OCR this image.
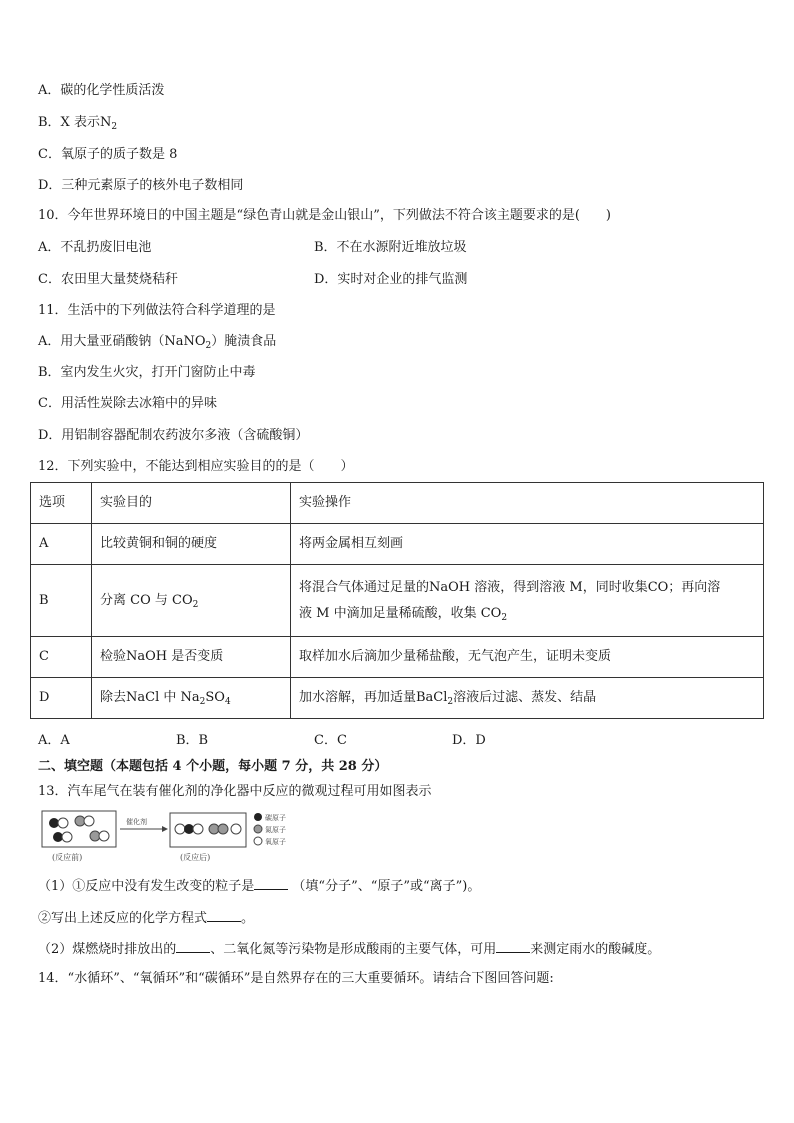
A．碳的化学性质活泼
B．X 表示$N_2$
C．氧原子的质子数是 8
D．三种元素原子的核外电子数相同
10．今年世界环境日的中国主题是“绿色青山就是金山银山”，下列做法不符合该主题要求的是(　　)
A．不乱扔废旧电池	B．不在水源附近堆放垃圾
C．农田里大量焚烧秸秆	D．实时对企业的排气监测
11．生活中的下列做法符合科学道理的是
A．用大量亚硝酸钠（NaNO$_2$）腌渍食品
B．室内发生火灾，打开门窗防止中毒
C．用活性炭除去冰箱中的异味
D．用铝制容器配制农药波尔多液（含硫酸铜）
12．下列实验中，不能达到相应实验目的的是（　　）
选项	实验目的	实验操作
A	比较黄铜和铜的硬度	将两金属相互刻画
B	分离 CO 与 $CO_2$	将混合气体通过足量的NaOH 溶液，得到溶液 M，同时收集CO；再向溶
液 M 中滴加足量稀硫酸，收集 $CO_2$

C	检验NaOH 是否变质	取样加水后滴加少量稀盐酸，无气泡产生，证明未变质
D	除去NaCl 中 $Na_2SO_4$	加水溶解，再加适量BaCl$_2$溶液后过滤、蒸发、结晶
A．A	B．B	C．C	D．D
二、填空题（本题包括 4 个小题，每小题 7 分，共 28 分）
13．汽车尾气在装有催化剂的净化器中反应的微观过程可用如图表示
(反应前)
催化剂
(反应后)
碳原子
氮原子
氧原子
（1）①反应中没有发生改变的粒子是	（填“分子”、“原子”或“离子”)。
②写出上述反应的化学方程式	。
（2）煤燃烧时排放出的	、二氧化氮等污染物是形成酸雨的主要气体，可用	来测定雨水的酸碱度。
14．“水循环”、“氧循环”和“碳循环”是自然界存在的三大重要循环。请结合下图回答问题:
